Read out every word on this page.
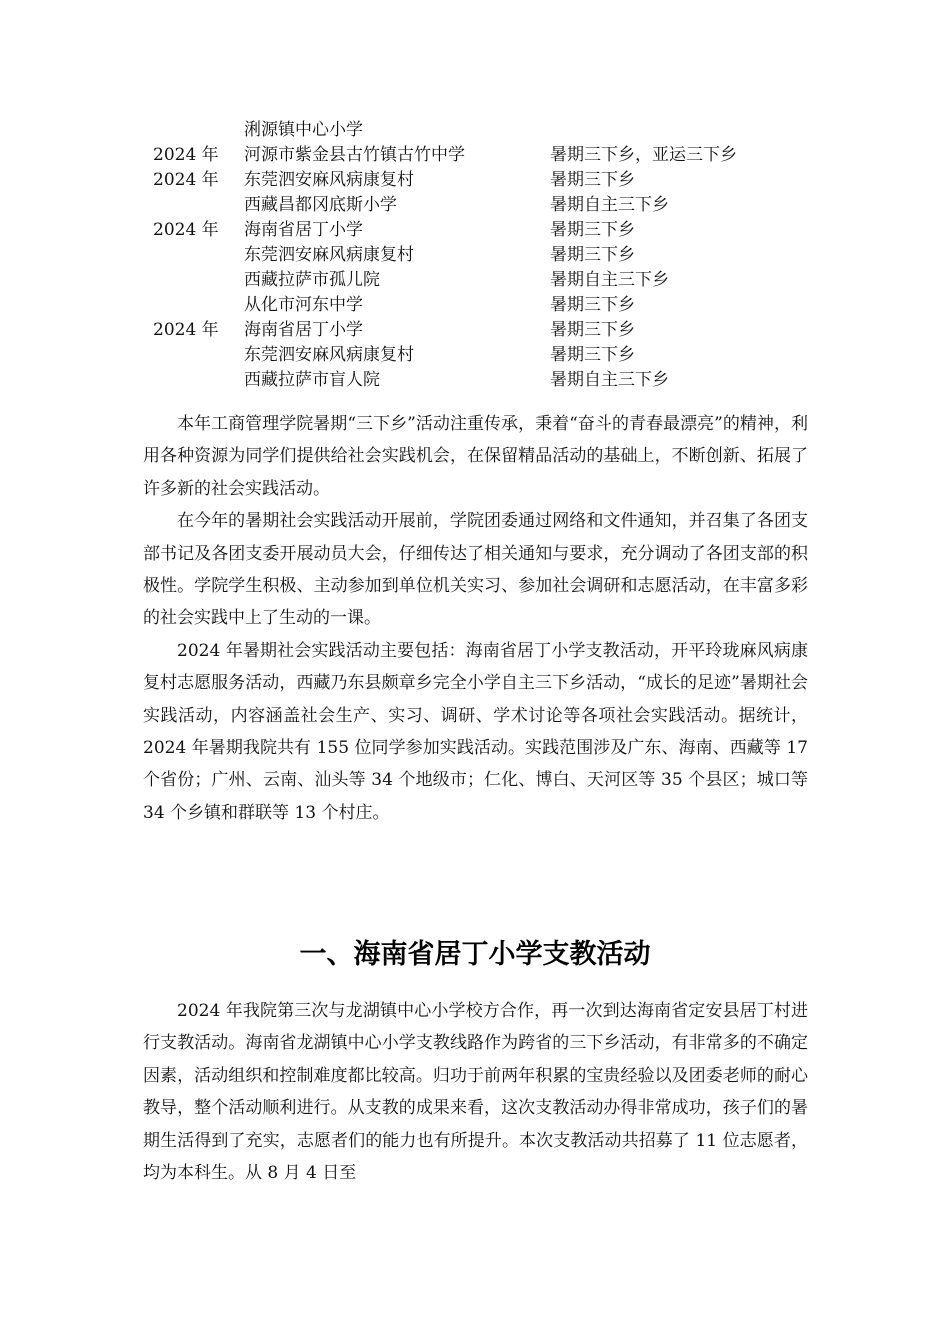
浰源镇中心小学
2024 年 河源市紫金县古竹镇古竹中学	暑期三下乡，亚运三下乡
2024 年 东莞泗安麻风病康复村	暑期三下乡
西藏昌都冈底斯小学	暑期自主三下乡
2024 年 海南省居丁小学	暑期三下乡
东莞泗安麻风病康复村	暑期三下乡
西藏拉萨市孤儿院	暑期自主三下乡
从化市河东中学	暑期三下乡
2024 年 海南省居丁小学	暑期三下乡
东莞泗安麻风病康复村	暑期三下乡
西藏拉萨市盲人院	暑期自主三下乡

本年工商管理学院暑期“三下乡”活动注重传承，秉着“奋斗的青春最漂亮”的精神，利用各种资源为同学们提供给社会实践机会，在保留精品活动的基础上，不断创新、拓展了许多新的社会实践活动。

在今年的暑期社会实践活动开展前，学院团委通过网络和文件通知，并召集了各团支部书记及各团支委开展动员大会，仔细传达了相关通知与要求，充分调动了各团支部的积极性。学院学生积极、主动参加到单位机关实习、参加社会调研和志愿活动，在丰富多彩的社会实践中上了生动的一课。

2024 年暑期社会实践活动主要包括：海南省居丁小学支教活动，开平玲珑麻风病康复村志愿服务活动，西藏乃东县颇章乡完全小学自主三下乡活动，“成长的足迹”暑期社会实践活动，内容涵盖社会生产、实习、调研、学术讨论等各项社会实践活动。据统计，2024 年暑期我院共有 155 位同学参加实践活动。实践范围涉及广东、海南、西藏等 17 个省份；广州、云南、汕头等 34 个地级市；仁化、博白、天河区等 35 个县区；城口等 34 个乡镇和群联等 13 个村庄。

一、海南省居丁小学支教活动

2024 年我院第三次与龙湖镇中心小学校方合作，再一次到达海南省定安县居丁村进行支教活动。海南省龙湖镇中心小学支教线路作为跨省的三下乡活动，有非常多的不确定因素，活动组织和控制难度都比较高。归功于前两年积累的宝贵经验以及团委老师的耐心教导，整个活动顺利进行。从支教的成果来看，这次支教活动办得非常成功，孩子们的暑期生活得到了充实，志愿者们的能力也有所提升。本次支教活动共招募了 11 位志愿者，均为本科生。从 8 月 4 日至
